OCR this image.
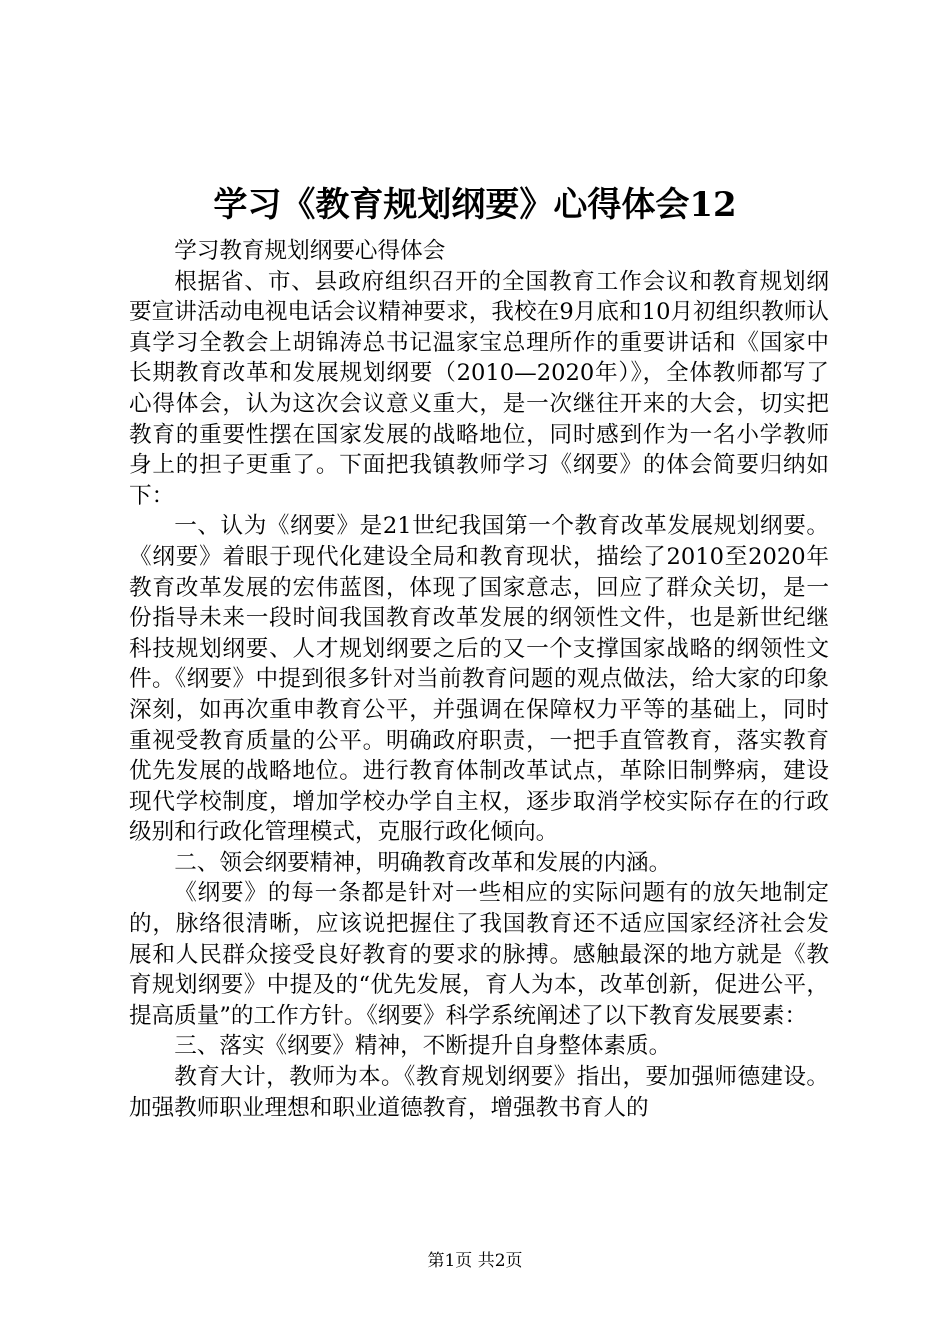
学习《教育规划纲要》心得体会12

学习教育规划纲要心得体会

根据省、市、县政府组织召开的全国教育工作会议和教育规划纲要宣讲活动电视电话会议精神要求，我校在9月底和10月初组织教师认真学习全教会上胡锦涛总书记温家宝总理所作的重要讲话和《国家中长期教育改革和发展规划纲要（2010—2020年）》，全体教师都写了心得体会，认为这次会议意义重大，是一次继往开来的大会，切实把教育的重要性摆在国家发展的战略地位，同时感到作为一名小学教师身上的担子更重了。下面把我镇教师学习《纲要》的体会简要归纳如下：

一、认为《纲要》是21世纪我国第一个教育改革发展规划纲要。《纲要》着眼于现代化建设全局和教育现状，描绘了2010至2020年教育改革发展的宏伟蓝图，体现了国家意志，回应了群众关切，是一份指导未来一段时间我国教育改革发展的纲领性文件，也是新世纪继科技规划纲要、人才规划纲要之后的又一个支撑国家战略的纲领性文件。《纲要》中提到很多针对当前教育问题的观点做法，给大家的印象深刻，如再次重申教育公平，并强调在保障权力平等的基础上，同时重视受教育质量的公平。明确政府职责，一把手直管教育，落实教育优先发展的战略地位。进行教育体制改革试点，革除旧制弊病，建设现代学校制度，增加学校办学自主权，逐步取消学校实际存在的行政级别和行政化管理模式，克服行政化倾向。

二、领会纲要精神，明确教育改革和发展的内涵。

《纲要》的每一条都是针对一些相应的实际问题有的放矢地制定的，脉络很清晰，应该说把握住了我国教育还不适应国家经济社会发展和人民群众接受良好教育的要求的脉搏。感触最深的地方就是《教育规划纲要》中提及的“优先发展，育人为本，改革创新，促进公平，提高质量”的工作方针。《纲要》科学系统阐述了以下教育发展要素：

三、落实《纲要》精神，不断提升自身整体素质。

教育大计，教师为本。《教育规划纲要》指出，要加强师德建设。加强教师职业理想和职业道德教育，增强教书育人的

第1页 共2页
